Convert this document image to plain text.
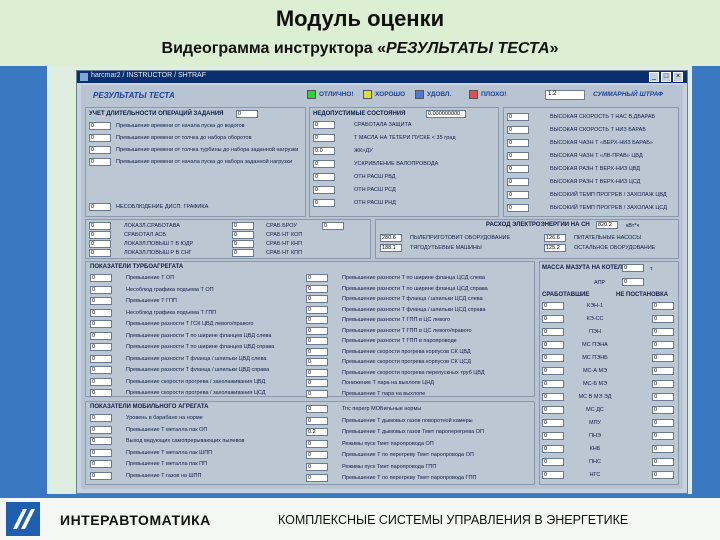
Модуль оценки
Видеограмма инструктора «РЕЗУЛЬТАТЫ ТЕСТА»
harcmar2 / INSTRUCTOR / SHTRAF	_	□	×
РЕЗУЛЬТАТЫ ТЕСТА	ОТЛИЧНО!	ХОРОШО	УДОВЛ.	ПЛОХО!	1.2	СУММАРНЫЙ ШТРАФ
УЧЕТ ДЛИТЕЛЬНОСТИ ОПЕРАЦИЙ ЗАДАНИЯ	0
0	Превышение времени от начала пуска до водогов
0	Превышение времени от толчка до набора оборотов
0	Превышение времени от толчка турбины до набора заданной нагрузки
0	Превышение времени от начала пуска до набора заданной нагрузки
0	НЕСОБЛЮДЕНИЕ ДИСП. ГРАФИКА
НЕДОПУСТИМЫЕ СОСТОЯНИЯ	0.000000000
0	СРАБОТАЛА ЗАЩИТА
0	Т МАСЛА НА ТЕТЕРИ ПУСКЕ < 35 град
0.0	ЖК>ДУ
0	УСКРИВЛЕНИЕ ВАЛОПРОВОДА
0	ОТН РАСШ РВД
0	ОТН РАСШ РСД
0	ОТН РАСШ РНД
0	ВЫСОКАЯ СКОРОСТЬ Т НАС В.ДБАРАБ
0	ВЫСОКАЯ СКОРОСТЬ Т НИЗ БАРАБ
0	ВЫСОКАЯ ЧАЗН Т «ВЕРХ-НИЗ БАРАБ»
0	ВЫСОКАЯ ЧАЗН Т «ЛВ-ПРАВ» ЦВД
0	ВЫСОКАЯ РАЗН Т ВЕРХ-НИЗ ЦВД
0	ВЫСОКАЯ РАЗН Т ВЕРХ-НИЗ ЦСД
0	ВЫСОКИЙ ТЕМП ПРОГРЕВ / ЗАХОЛАЖ ЦВД
0	ВЫСОКИЙ ТЕМП ПРОГРЕВ / ЗАХОЛАЖ ЦСД
0	ЛОКАЗЛ.СРАБОТАВА	0	СРАБ БРОУ
0	СРАБОТАЛ АСБ	0	СРАБ НТ КОП
0	ЛОКАЗЛ.ПОВЫШ Т В ЮДР	0	СРАБ НТ КНП
0	ЛОКАЗЛ.ПОВЫШ Р В СНГ	0	СРАБ НТ КПП
0	РАСХОД ЭЛЕКТРОЭНЕРГИИ НА СН	820.2	кВт*ч
280.6	ПЫЛЕПРИГОТОВИТ ОБОРУДОВАНИЕ	126.6	ПИТАТЕЛЬНЫЕ НАСОСЫ
188.1	ТЯГОДУТЬЕВЫЕ МАШИНЫ	125.2	ОСТАЛЬНОЕ ОБОРУДОВАНИЕ
ПОКАЗАТЕЛИ ТУРБОАГРЕГАТА
0	Превышение Т ОП
0	Несоблюд графика подъема Т ОП
0	Превышение Т ГПП
0	Несоблюд графика подъема Т ГПП
0	Превышение разности Т ГСК ЦВД левого/правого
0	Превышение разности Т по ширине фланцев ЦВД слева
0	Превышение разности Т по ширине фланцев ЦВД справа
0	Превышение разности Т фланца / шпильки ЦВД слева
0	Превышение разности Т фланца / шпильки ЦВД справа
0	Превышение скорости прогрева / захолаживания ЦВД
0	Превышение скорости прогрева / захолаживания ЦСД
0	Превышение разности Т по ширине фланца ЦСД слева
0	Превышение разности Т по ширине фланца ЦСД справа
0	Превышение разности Т фланца / шпильки ЦСД слева
0	Превышение разности Т фланца / шпильки ЦСД справа
0	Превышение разности Т ГПП в ЦС левого
0	Превышение разности Т ГПП в ЦС левого/правого
0	Превышение разности Т ГПП в паропроводе
0	Превышение скорости прогрева корпусов СК ЦВД
0	Превышение скорости прогрева корпусов СК ЦСД
0	Превышение скорости прогрева перепускных труб ЦВД
0	Понижение Т пара на выхлопе ЦНД
0	Превышение Т пара на выхлопе
МАССА МАЗУТА НА КОТЕЛ 0	т
АПР	0
СРАБОТАВШИЕ	НЕ ПОСТАНОВКА
0	КЭН-1	0
0	КЭ-СС	0
0	ПЭН	0
0	МС ПЭНА	0
0	МС ПЭНБ	0
0	МС-А МЭ	0
0	МС-Б МЭ	0
0	МС В МЭ ЭД	0
0	МС ДС	0
0	МПУ	0
0	ПНЭ	0
0	КНБ	0
0	ПНС	0
0	НГС	0
ПОКАЗАТЕЛИ МОБИЛЬНОГО АГРЕГАТА
0	Уровень в барабане на норме
0	Превышение Т металла пак ОП
0	Выход ведующих самопрерывающих пылевов
0	Превышение Т металла пак ШПП
0	Превышение Т металла пак ПП
0	Превышение Т газов на ШПП
0	Тпс перегр МОБильные нормы
0	Превышение Т дымовых газов поворотной камеры
0.2	Превышение Т дымовых газов Тмет пароперегрева ОП
0	Режимы пуск Тмет паропровода ОП
0	Превышение Т по перегреву Тмет паропровода ОП
0	Режимы пуск Тмет паропровода ГПП
0	Превышение Т по перегреву Тмет паропровода ГПП
ИНТЕРАВТОМАТИКА	КОМПЛЕКСНЫЕ СИСТЕМЫ УПРАВЛЕНИЯ В ЭНЕРГЕТИКЕ
